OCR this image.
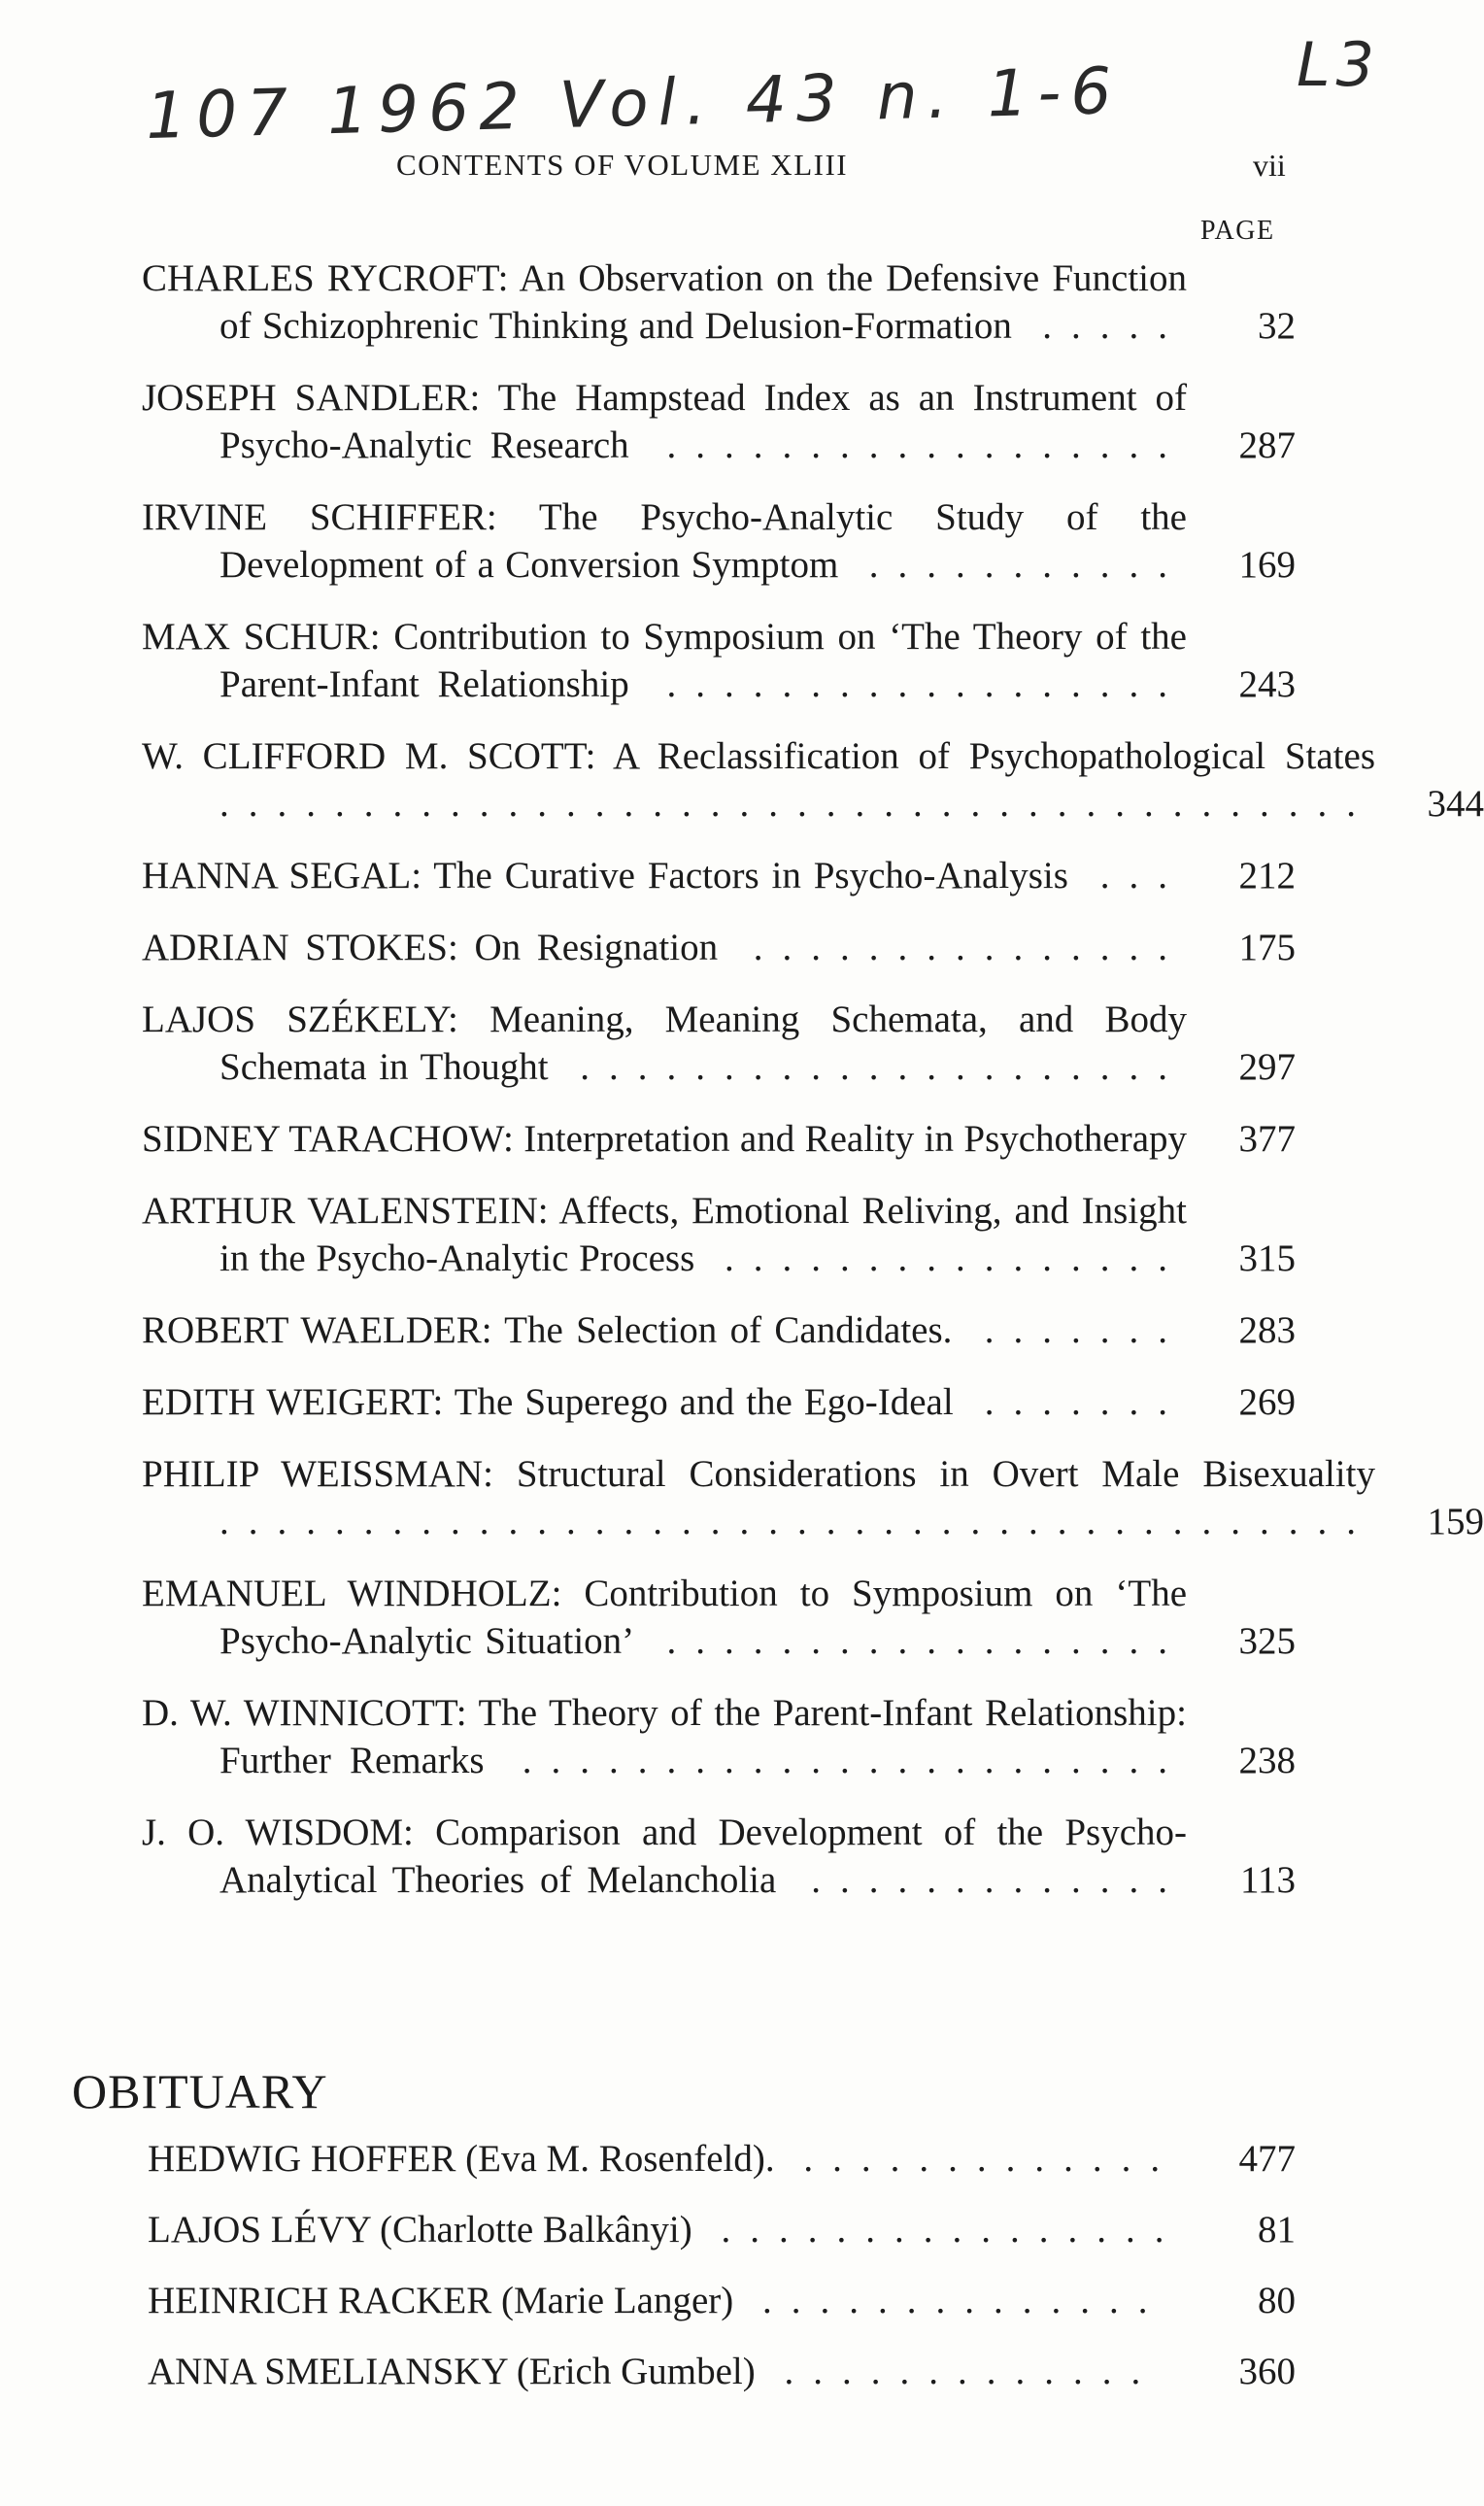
107 1962 Vol. 43 n. 1-6	L3
CONTENTS OF VOLUME XLIII	vii
PAGE
CHARLES RYCROFT: An Observation on the Defensive Function of Schizophrenic Thinking and Delusion-Formation .....	32
JOSEPH SANDLER: The Hampstead Index as an Instrument of Psycho-Analytic Research ..................	287
IRVINE SCHIFFER: The Psycho-Analytic Study of the Development of a Conversion Symptom ...........	169
MAX SCHUR: Contribution to Symposium on ‘The Theory of the Parent-Infant Relationship ..................	243
W. CLIFFORD M. SCOTT: A Reclassification of Psychopathological States ........................................	344
HANNA SEGAL: The Curative Factors in Psycho-Analysis ...	212
ADRIAN STOKES: On Resignation ...............	175
LAJOS SZÉKELY: Meaning, Meaning Schemata, and Body Schemata in Thought .....................	297
SIDNEY TARACHOW: Interpretation and Reality in Psychotherapy	377
ARTHUR VALENSTEIN: Affects, Emotional Reliving, and Insight in the Psycho-Analytic Process ................	315
ROBERT WAELDER: The Selection of Candidates. .......	283
EDITH WEIGERT: The Superego and the Ego-Ideal .......	269
PHILIP WEISSMAN: Structural Considerations in Overt Male Bisexuality ........................................	159
EMANUEL WINDHOLZ: Contribution to Symposium on ‘The Psycho-Analytic Situation’ ..................	325
D. W. WINNICOTT: The Theory of the Parent-Infant Relationship: Further Remarks .......................	238
J. O. WISDOM: Comparison and Development of the Psycho-Analytical Theories of Melancholia .............	113
OBITUARY
HEDWIG HOFFER (Eva M. Rosenfeld). .............	477
LAJOS LÉVY (Charlotte Balkânyi) ................	81
HEINRICH RACKER (Marie Langer) ..............	80
ANNA SMELIANSKY (Erich Gumbel) .............	360
